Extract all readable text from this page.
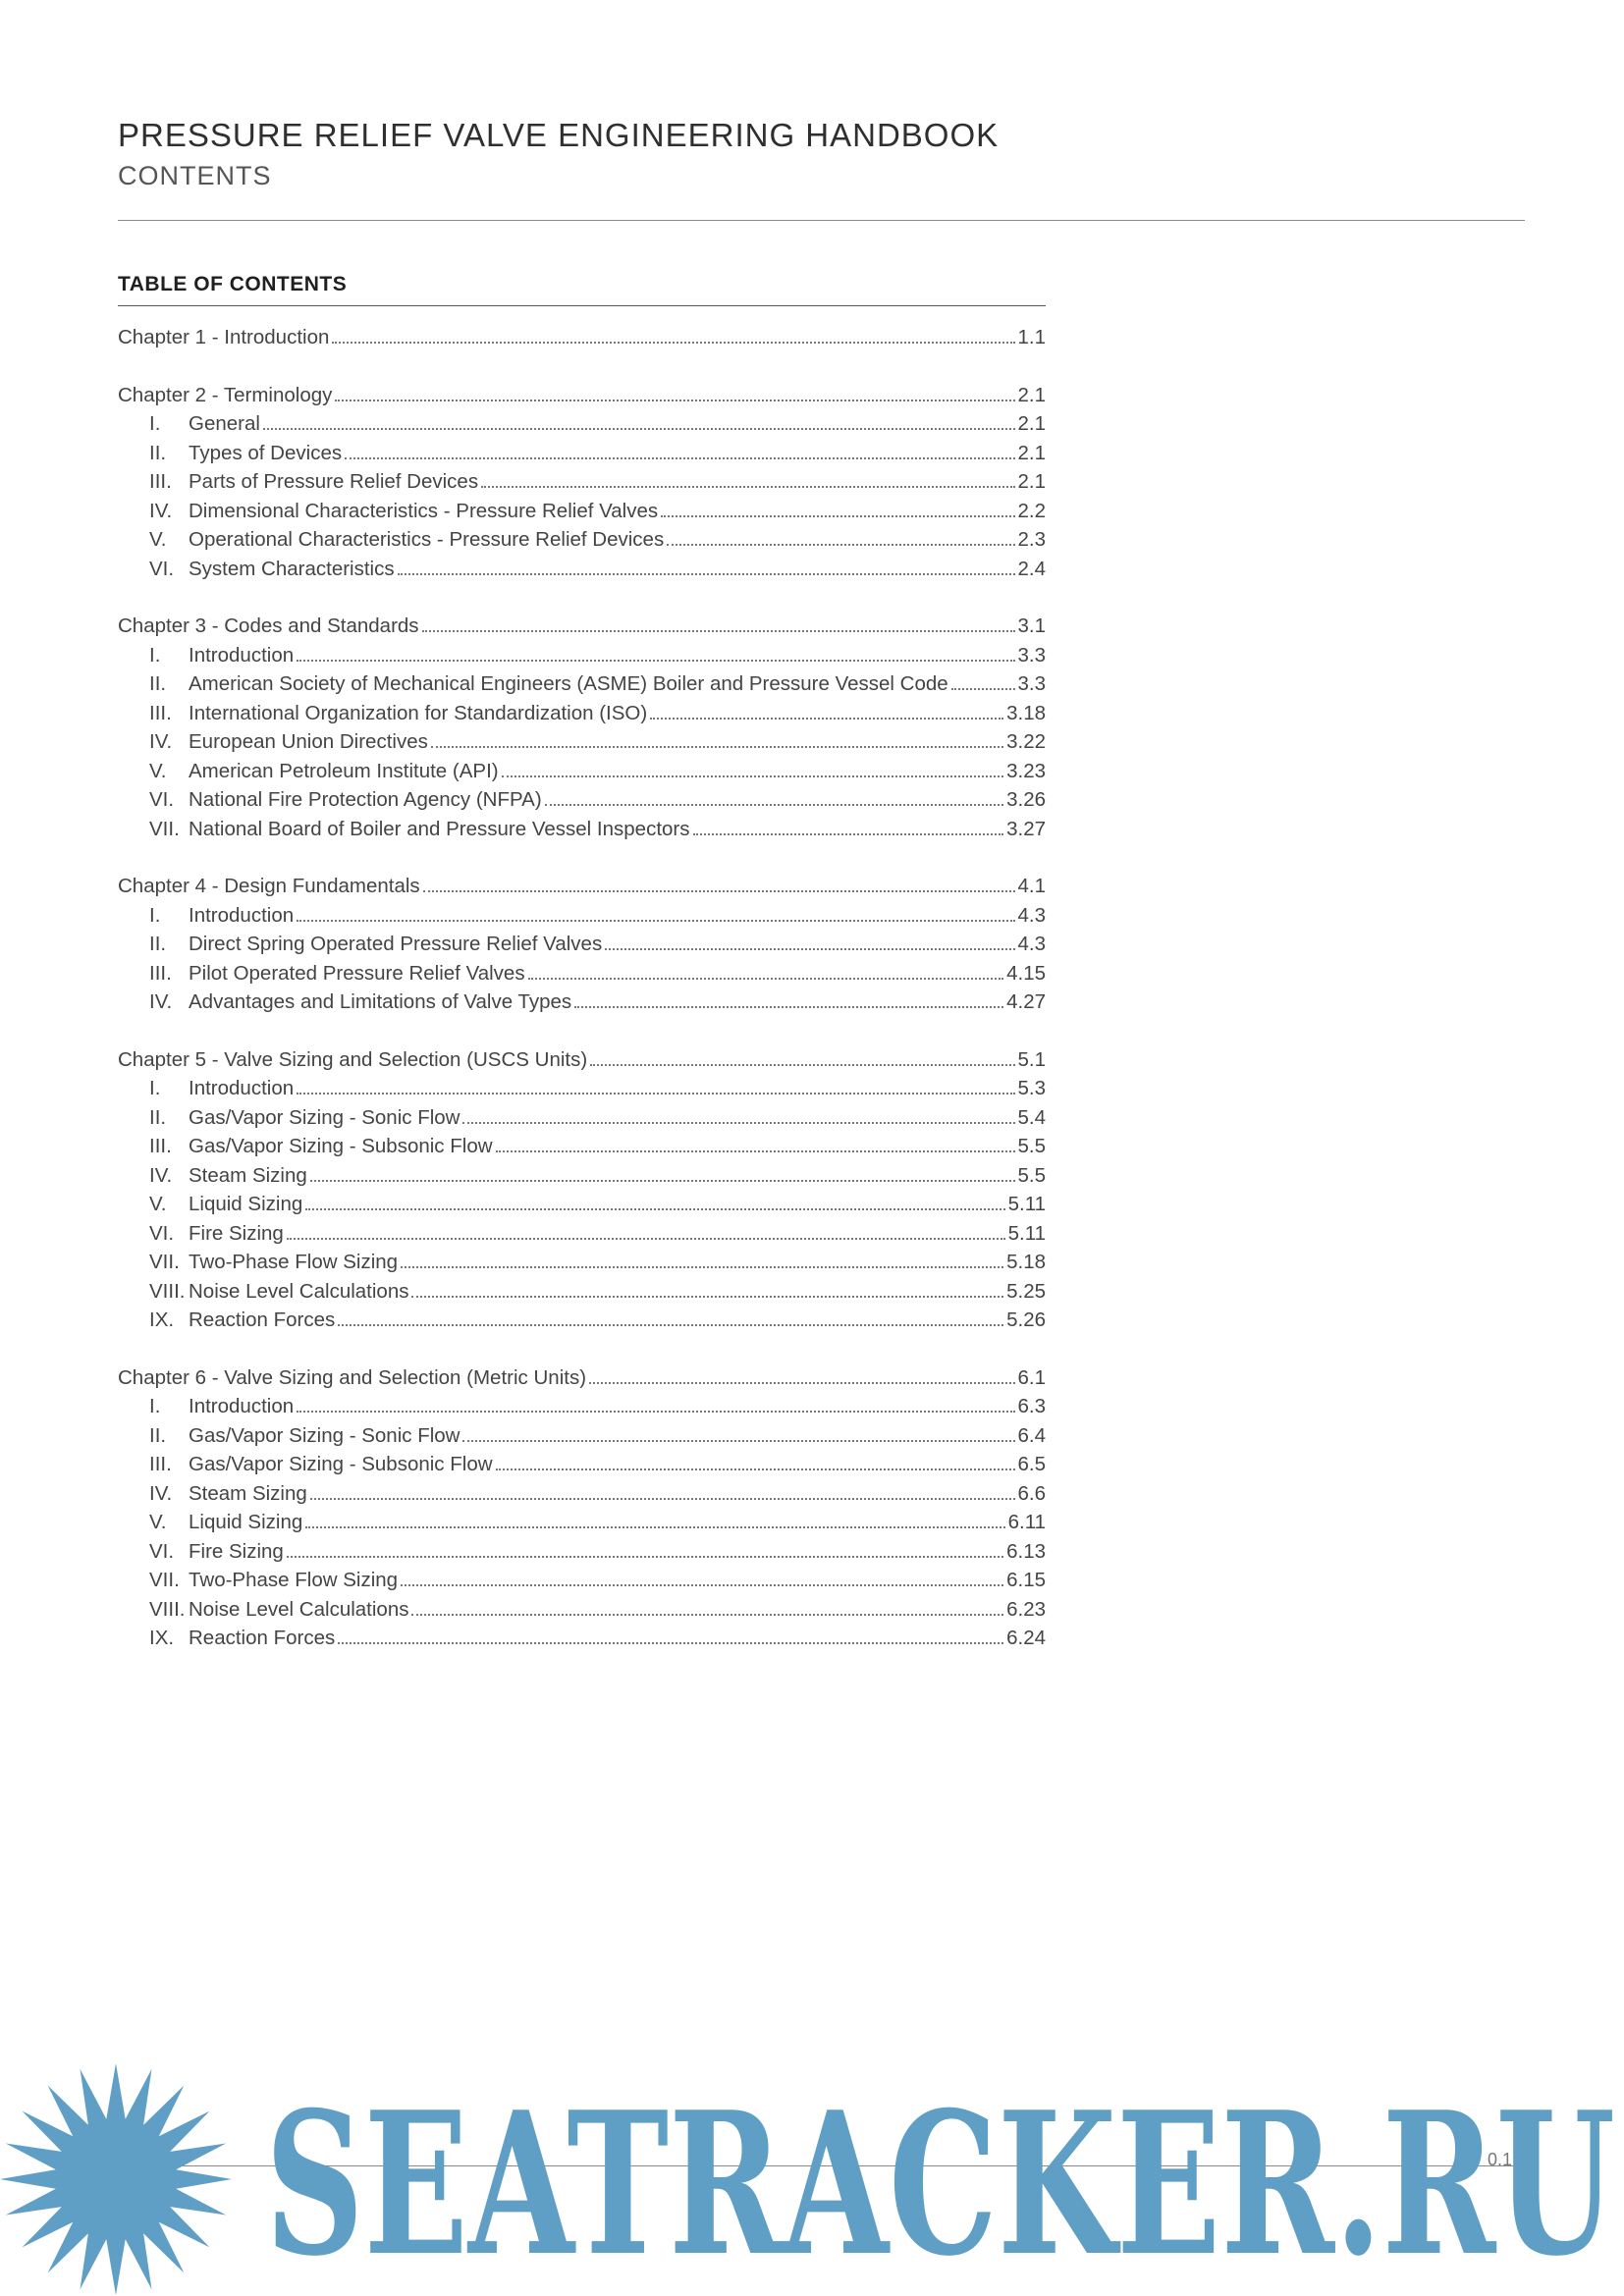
PRESSURE RELIEF VALVE ENGINEERING HANDBOOK
CONTENTS
TABLE OF CONTENTS
Chapter 1 - Introduction	1.1
Chapter 2 - Terminology	2.1
I.	General	2.1
II.	Types of Devices	2.1
III. Parts of Pressure Relief Devices	2.1
IV. Dimensional Characteristics - Pressure Relief Valves	2.2
V.	Operational Characteristics - Pressure Relief Devices	2.3
VI. System Characteristics	2.4
Chapter 3 - Codes and Standards	3.1
I.	Introduction	3.3
II.	American Society of Mechanical Engineers (ASME) Boiler and Pressure Vessel Code	3.3
III. International Organization for Standardization (ISO)	3.18
IV. European Union Directives	3.22
V.	American Petroleum Institute (API)	3.23
VI. National Fire Protection Agency (NFPA)	3.26
VII. National Board of Boiler and Pressure Vessel Inspectors	3.27
Chapter 4 - Design Fundamentals	4.1
I.	Introduction	4.3
II.	Direct Spring Operated Pressure Relief Valves	4.3
III. Pilot Operated Pressure Relief Valves	4.15
IV. Advantages and Limitations of Valve Types	4.27
Chapter 5 - Valve Sizing and Selection (USCS Units)	5.1
I.	Introduction	5.3
II.	Gas/Vapor Sizing - Sonic Flow	5.4
III. Gas/Vapor Sizing - Subsonic Flow	5.5
IV. Steam Sizing	5.5
V.	Liquid Sizing	5.11
VI. Fire Sizing	5.11
VII. Two-Phase Flow Sizing	5.18
VIII. Noise Level Calculations	5.25
IX. Reaction Forces	5.26
Chapter 6 - Valve Sizing and Selection (Metric Units)	6.1
I.	Introduction	6.3
II.	Gas/Vapor Sizing - Sonic Flow	6.4
III. Gas/Vapor Sizing - Subsonic Flow	6.5
IV. Steam Sizing	6.6
V.	Liquid Sizing	6.11
VI. Fire Sizing	6.13
VII. Two-Phase Flow Sizing	6.15
VIII. Noise Level Calculations	6.23
IX. Reaction Forces	6.24
SEATRACKER.RU
0.1
